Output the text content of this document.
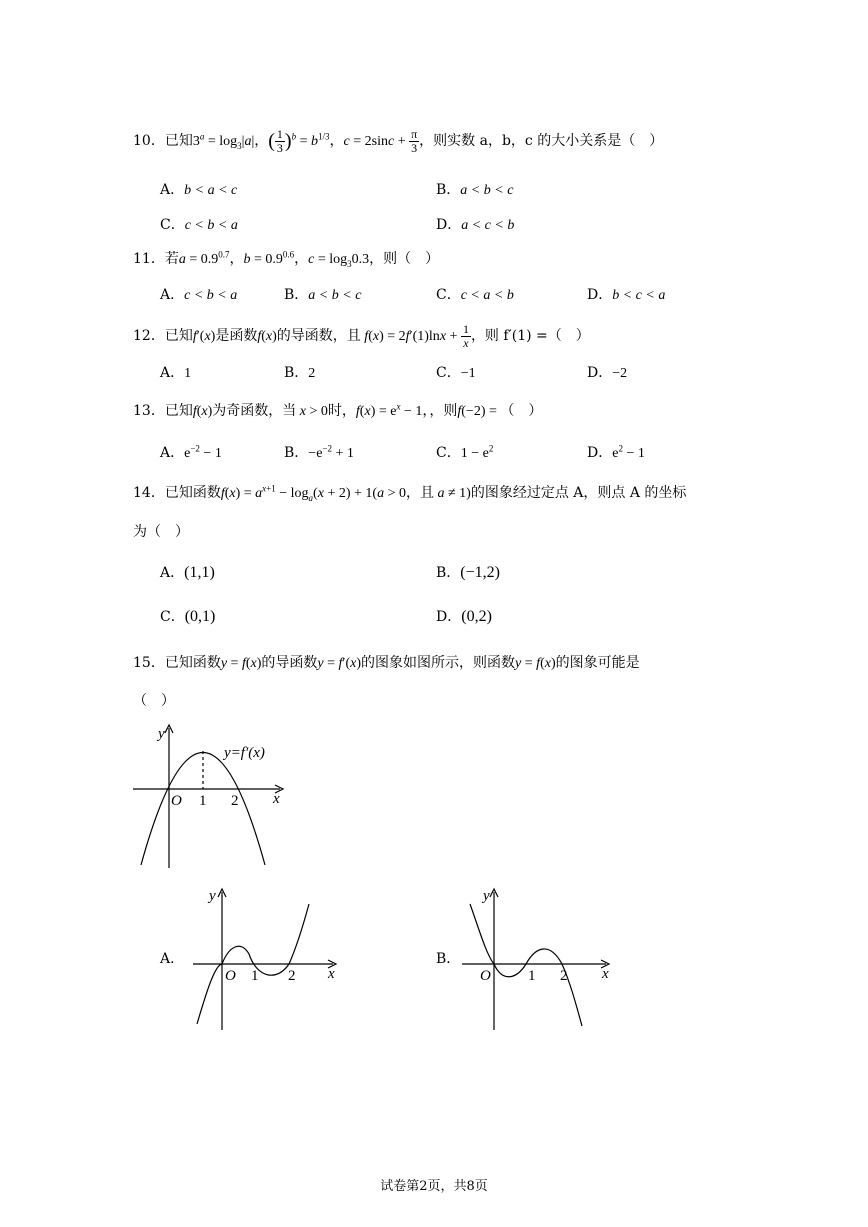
10．已知$3^a = \log_3|a|$，( $\frac{1}{3} )^b = b^{1/3}$，$c = 2\sin c + \frac{\pi}{3}$ ，则实数 a，b，c 的大小关系是（　）
A．b < a < c	B．a < b < c
C．c < b < a	D．a < c < b
11．若$a = 0.9^{0.7}$，$b = 0.9^{0.6}$，$c = \log_30.3$，则（　）
A．c < b < a	B．a < b < c	C．c < a < b	D．b < c < a
12．已知f′(x)是函数f(x)的导函数，且 $f(x) = 2f'(1)\ln x + \frac{1}{x}$ ，则 f′(1) =（　）
A．1	B．2	C．−1	D．−2
13．已知f(x)为奇函数，当 x > 0时，$f(x) = e^x - 1$，，则f(−2) = （　）
A．$e^{-2} - 1$	B．$-e^{-2} + 1$	C．$1 - e^2$	D．$e^2 - 1$
14．已知函数$f(x) = a^{x+1} - \log_a(x + 2) + 1(a > 0$，且 a ≠ 1)的图象经过定点 A，则点 A 的坐标
为（　）
A．(1,1)	B．(−1,2)
C．(0,1)	D．(0,2)
15．已知函数y = f(x)的导函数y = f′(x)的图象如图所示，则函数y = f(x)的图象可能是
（　）
y
x
O 1 2
y=f′(x)
A．
y
x
O 1 2
B．
y
x
O 1 2
试卷第2页，共8页
